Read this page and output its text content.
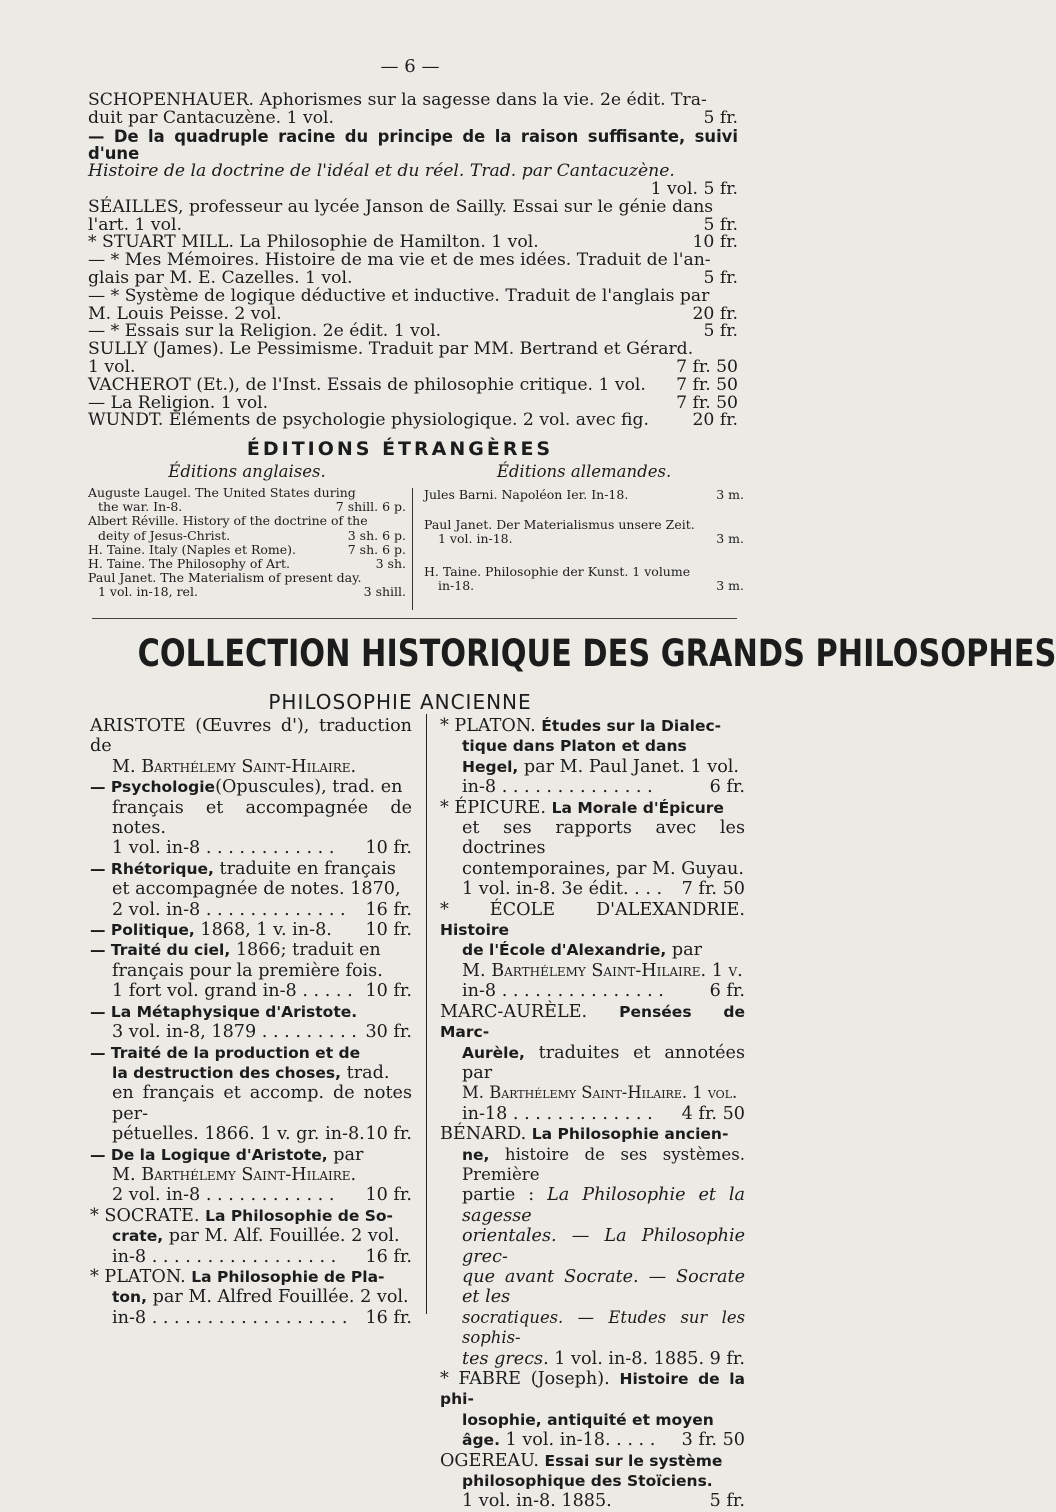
— 6 —

SCHOPENHAUER. Aphorismes sur la sagesse dans la vie. 2e édit. Tra-

duit par Cantacuzène. 1 vol.	5 fr.

— De la quadruple racine du principe de la raison suffisante, suivi d'une

Histoire de la doctrine de l'idéal et du réel. Trad. par Cantacuzène.
1 vol. 5 fr.

SÉAILLES, professeur au lycée Janson de Sailly. Essai sur le génie dans

l'art. 1 vol.	5 fr.
* STUART MILL. La Philosophie de Hamilton. 1 vol.	10 fr.

— * Mes Mémoires. Histoire de ma vie et de mes idées. Traduit de l'an-

glais par M. E. Cazelles. 1 vol.	5 fr.

— * Système de logique déductive et inductive. Traduit de l'anglais par

M. Louis Peisse. 2 vol.	20 fr.
— * Essais sur la Religion. 2e édit. 1 vol.	5 fr.

SULLY (James). Le Pessimisme. Traduit par MM. Bertrand et Gérard.

1 vol.	7 fr. 50
VACHEROT (Et.), de l'Inst. Essais de philosophie critique. 1 vol. 7 fr. 50
— La Religion. 1 vol.	7 fr. 50
WUNDT. Éléments de psychologie physiologique. 2 vol. avec fig.	20 fr.
ÉDITIONS ÉTRANGÈRES
Éditions anglaises.
Auguste Laugel. The United States during
the war. In-8.	7 shill. 6 p.
Albert Réville. History of the doctrine of the
deity of Jesus-Christ.	3 sh. 6 p.
H. Taine. Italy (Naples et Rome).	7 sh. 6 p.
H. Taine. The Philosophy of Art.	3 sh.
Paul Janet. The Materialism of present day.
1 vol. in-18, rel.	3 shill.
Éditions allemandes.
Jules Barni. Napoléon Ier. In-18.	3 m.
Paul Janet. Der Materialismus unsere Zeit.
1 vol. in-18.	3 m.
H. Taine. Philosophie der Kunst. 1 volume
in-18.	3 m.
COLLECTION HISTORIQUE DES GRANDS PHILOSOPHES
PHILOSOPHIE ANCIENNE

ARISTOTE (Œuvres d'), traduction de

M. Barthélemy Saint-Hilaire.

— Psychologie(Opuscules), trad. en

français et accompagnée de notes.

1 vol. in-8 . . . . . . . . . . . . 10 fr.

— Rhétorique, traduite en français

et accompagnée de notes. 1870,

2 vol. in-8 . . . . . . . . . . . . . 16 fr.
— Politique, 1868, 1 v. in-8. 10 fr.

— Traité du ciel, 1866; traduit en

français pour la première fois.

1 fort vol. grand in-8 . . . . . 10 fr.

— La Métaphysique d'Aristote.

3 vol. in-8, 1879 . . . . . . . . . 30 fr.

— Traité de la production et de

la destruction des choses, trad.

en français et accomp. de notes per-

pétuelles. 1866. 1 v. gr. in-8. 10 fr.

— De la Logique d'Aristote, par

M. Barthélemy Saint-Hilaire.

2 vol. in-8 . . . . . . . . . . . . 10 fr.

* SOCRATE. La Philosophie de So-

crate, par M. Alf. Fouillée. 2 vol.

in-8 . . . . . . . . . . . . . . . . . 16 fr.

* PLATON. La Philosophie de Pla-

ton, par M. Alfred Fouillée. 2 vol.

in-8 . . . . . . . . . . . . . . . . . . 16 fr.

* PLATON. Études sur la Dialec-

tique dans Platon et dans

Hegel, par M. Paul Janet. 1 vol.

in-8 . . . . . . . . . . . . . .	6 fr.

* ÉPICURE. La Morale d'Épicure

et ses rapports avec les doctrines

contemporaines, par M. Guyau.

1 vol. in-8. 3e édit. . . . 7 fr. 50

* ÉCOLE D'ALEXANDRIE. Histoire

de l'École d'Alexandrie, par

M. Barthélemy Saint-Hilaire. 1 v.

in-8 . . . . . . . . . . . . . . .	6 fr.

MARC-AURÈLE. Pensées de Marc-

Aurèle, traduites et annotées par

M. Barthélemy Saint-Hilaire. 1 vol.

in-18 . . . . . . . . . . . . . 4 fr. 50

BÉNARD. La Philosophie ancien-

ne, histoire de ses systèmes. Première

partie : La Philosophie et la sagesse

orientales. — La Philosophie grec-

que avant Socrate. — Socrate et les

socratiques. — Etudes sur les sophis-

tes grecs. 1 vol. in-8. 1885. 9 fr.

* FABRE (Joseph). Histoire de la phi-

losophie, antiquité et moyen

âge. 1 vol. in-18. . . . . 3 fr. 50

OGEREAU. Essai sur le système

philosophique des Stoïciens.

1 vol. in-8. 1885.	5 fr.
